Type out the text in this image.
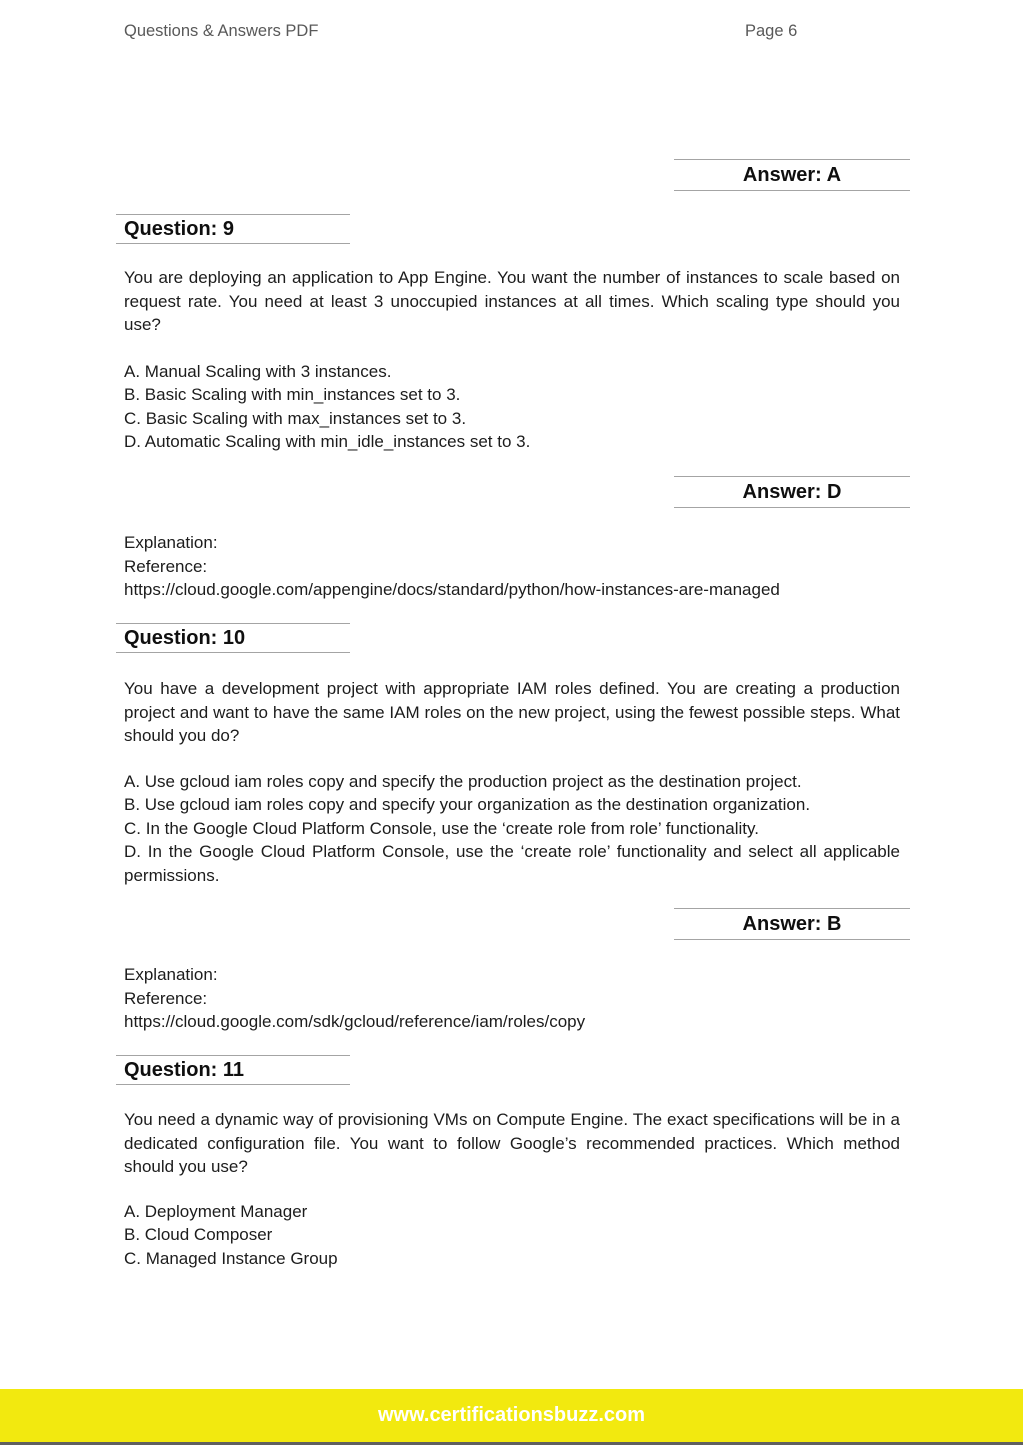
Questions & Answers PDF	Page 6
Answer: A
Question: 9
You are deploying an application to App Engine. You want the number of instances to scale based on request rate. You need at least 3 unoccupied instances at all times. Which scaling type should you use?
A. Manual Scaling with 3 instances.
B. Basic Scaling with min_instances set to 3.
C. Basic Scaling with max_instances set to 3.
D. Automatic Scaling with min_idle_instances set to 3.
Answer: D
Explanation:
Reference:
https://cloud.google.com/appengine/docs/standard/python/how-instances-are-managed
Question: 10
You have a development project with appropriate IAM roles defined. You are creating a production project and want to have the same IAM roles on the new project, using the fewest possible steps. What should you do?
A. Use gcloud iam roles copy and specify the production project as the destination project.
B. Use gcloud iam roles copy and specify your organization as the destination organization.
C. In the Google Cloud Platform Console, use the ‘create role from role’ functionality.
D. In the Google Cloud Platform Console, use the ‘create role’ functionality and select all applicable permissions.
Answer: B
Explanation:
Reference:
https://cloud.google.com/sdk/gcloud/reference/iam/roles/copy
Question: 11
You need a dynamic way of provisioning VMs on Compute Engine. The exact specifications will be in a dedicated configuration file. You want to follow Google’s recommended practices. Which method should you use?
A. Deployment Manager
B. Cloud Composer
C. Managed Instance Group
www.certificationsbuzz.com
